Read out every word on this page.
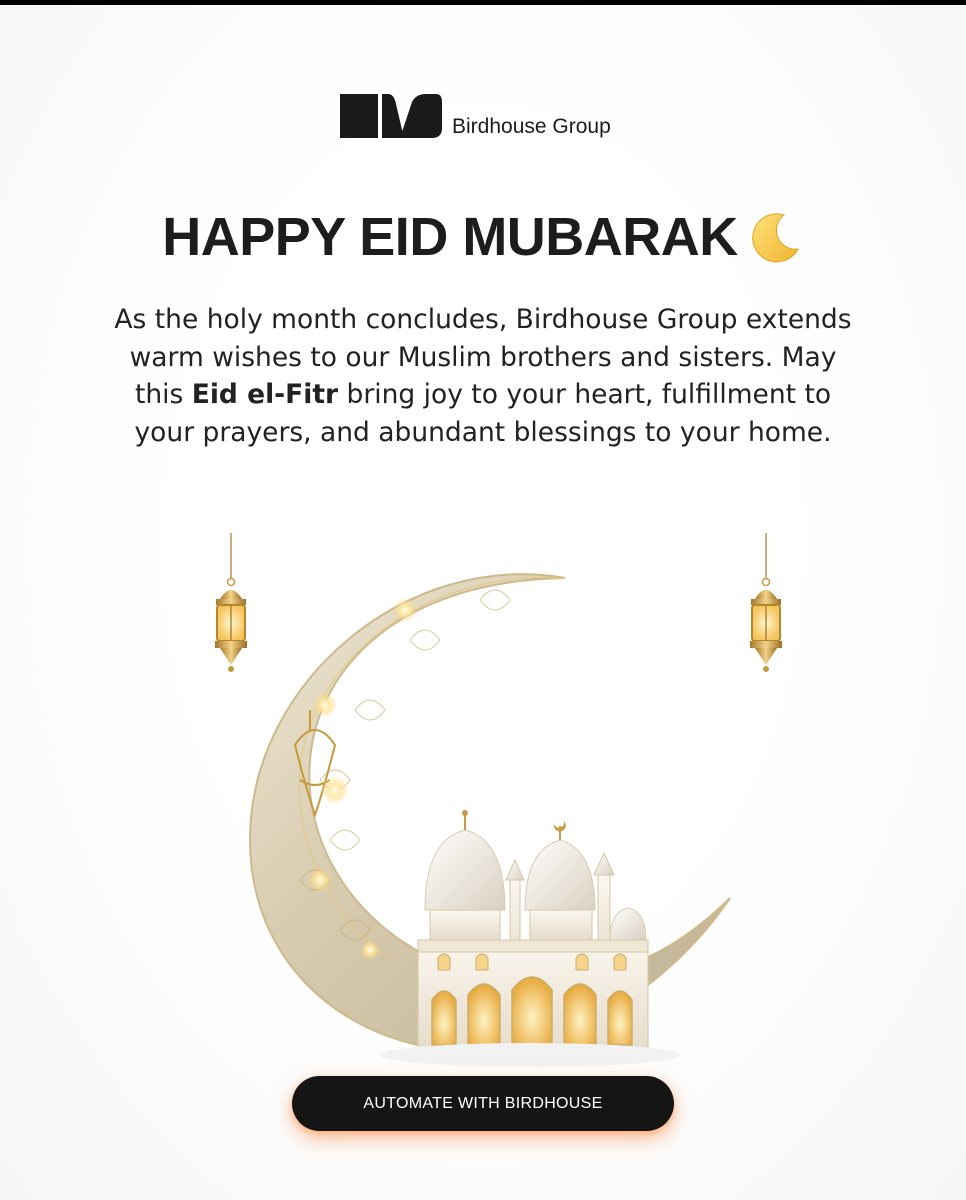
Birdhouse Group
HAPPY EID MUBARAK
As the holy month concludes, Birdhouse Group extends warm wishes to our Muslim brothers and sisters. May this Eid el-Fitr bring joy to your heart, fulfillment to your prayers, and abundant blessings to your home.
AUTOMATE WITH BIRDHOUSE
